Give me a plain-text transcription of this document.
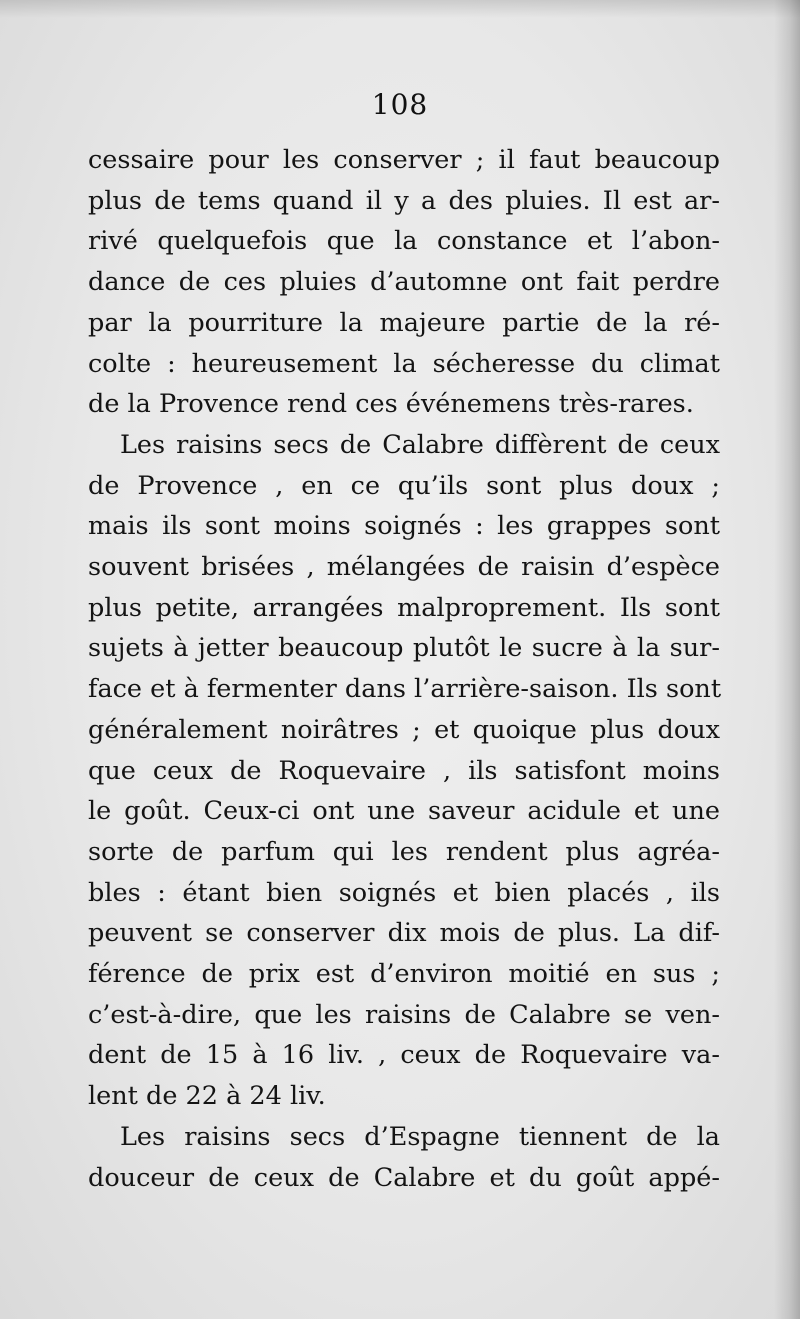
108
cessaire pour les conserver ; il faut beaucoup
plus de tems quand il y a des pluies. Il est ar-
rivé quelquefois que la constance et l’abon-
dance de ces pluies d’automne ont fait perdre
par la pourriture la majeure partie de la ré-
colte : heureusement la sécheresse du climat
de la Provence rend ces événemens très-rares.
Les raisins secs de Calabre diffèrent de ceux
de Provence , en ce qu’ils sont plus doux ;
mais ils sont moins soignés : les grappes sont
souvent brisées , mélangées de raisin d’espèce
plus petite, arrangées malproprement. Ils sont
sujets à jetter beaucoup plutôt le sucre à la sur-
face et à fermenter dans l’arrière-saison. Ils sont
généralement noirâtres ; et quoique plus doux
que ceux de Roquevaire , ils satisfont moins
le goût. Ceux-ci ont une saveur acidule et une
sorte de parfum qui les rendent plus agréa-
bles : étant bien soignés et bien placés , ils
peuvent se conserver dix mois de plus. La dif-
férence de prix est d’environ moitié en sus ;
c’est-à-dire, que les raisins de Calabre se ven-
dent de 15 à 16 liv. , ceux de Roquevaire va-
lent de 22 à 24 liv.
Les raisins secs d’Espagne tiennent de la
douceur de ceux de Calabre et du goût appé-
